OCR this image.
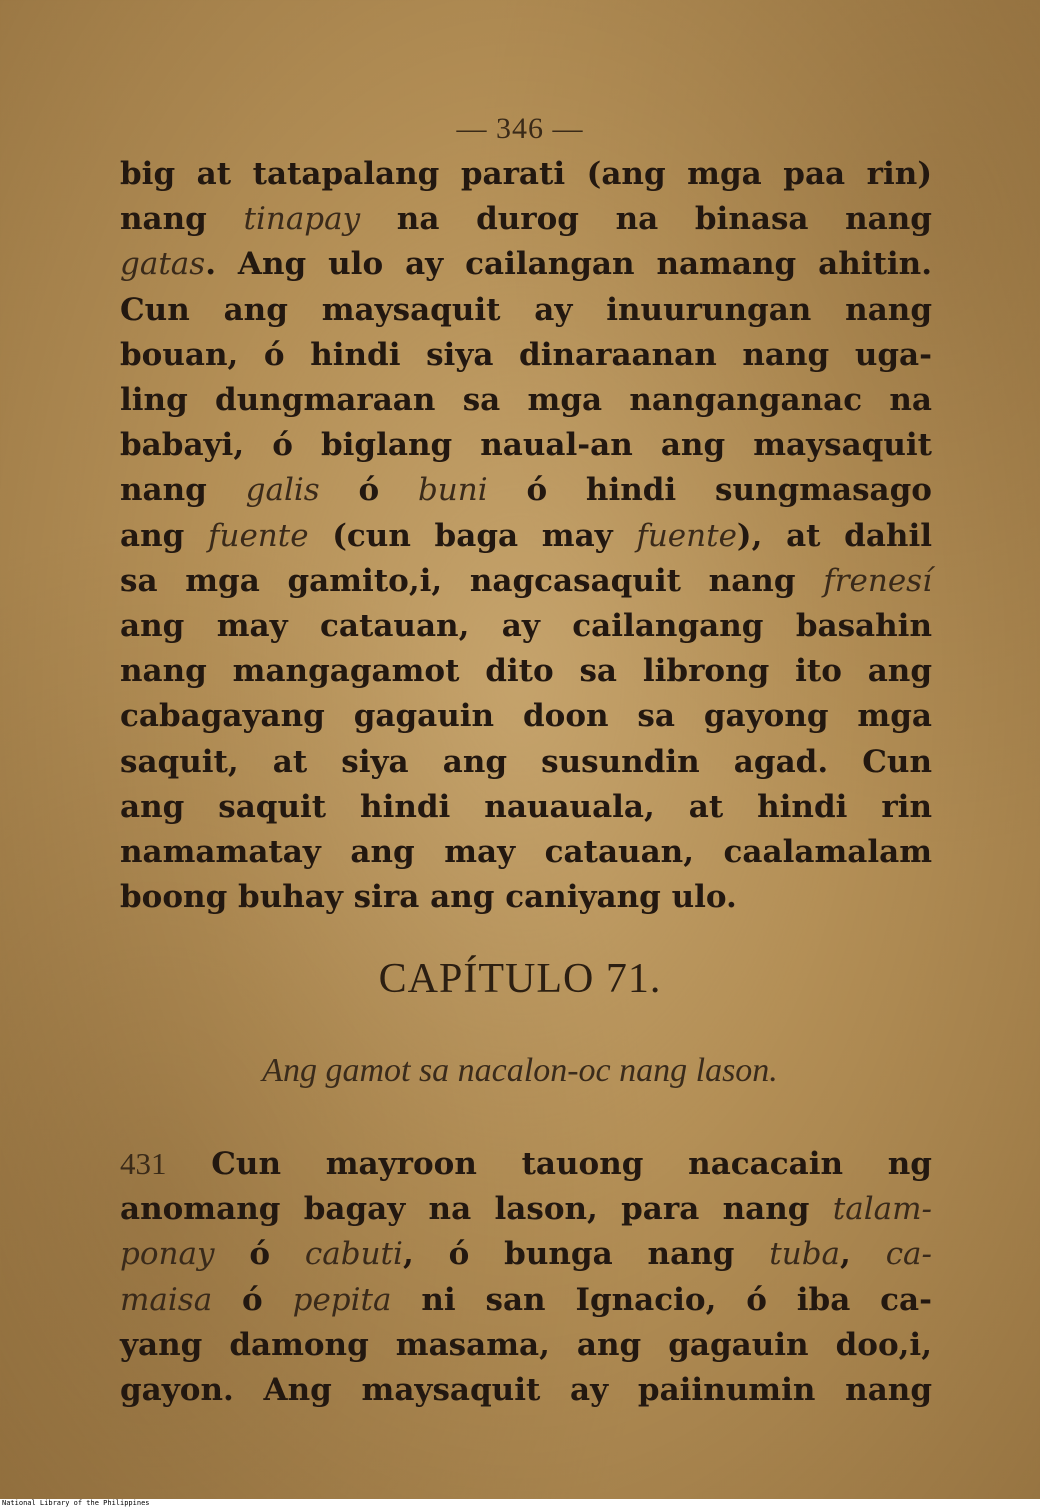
— 346 —
big at tatapalang parati (ang mga paa rin)
nang tinapay na durog na binasa nang
gatas. Ang ulo ay cailangan namang ahitin.
Cun ang maysaquit ay inuurungan nang
bouan, ó hindi siya dinaraanan nang uga-
ling dungmaraan sa mga nanganganac na
babayi, ó biglang naual-an ang maysaquit
nang galis ó buni ó hindi sungmasago
ang fuente (cun baga may fuente), at dahil
sa mga gamito,i, nagcasaquit nang frenesí
ang may catauan, ay cailangang basahin
nang mangagamot dito sa librong ito ang
cabagayang gagauin doon sa gayong mga
saquit, at siya ang susundin agad. Cun
ang saquit hindi nauauala, at hindi rin
namamatay ang may catauan, caalamalam
boong buhay sira ang caniyang ulo.
CAPÍTULO 71.
Ang gamot sa nacalon-oc nang lason.
431 Cun mayroon tauong nacacain ng
anomang bagay na lason, para nang talam-
ponay ó cabuti, ó bunga nang tuba, ca-
maisa ó pepita ni san Ignacio, ó iba ca-
yang damong masama, ang gagauin doo,i,
gayon. Ang maysaquit ay paiinumin nang
National Library of the Philippines
